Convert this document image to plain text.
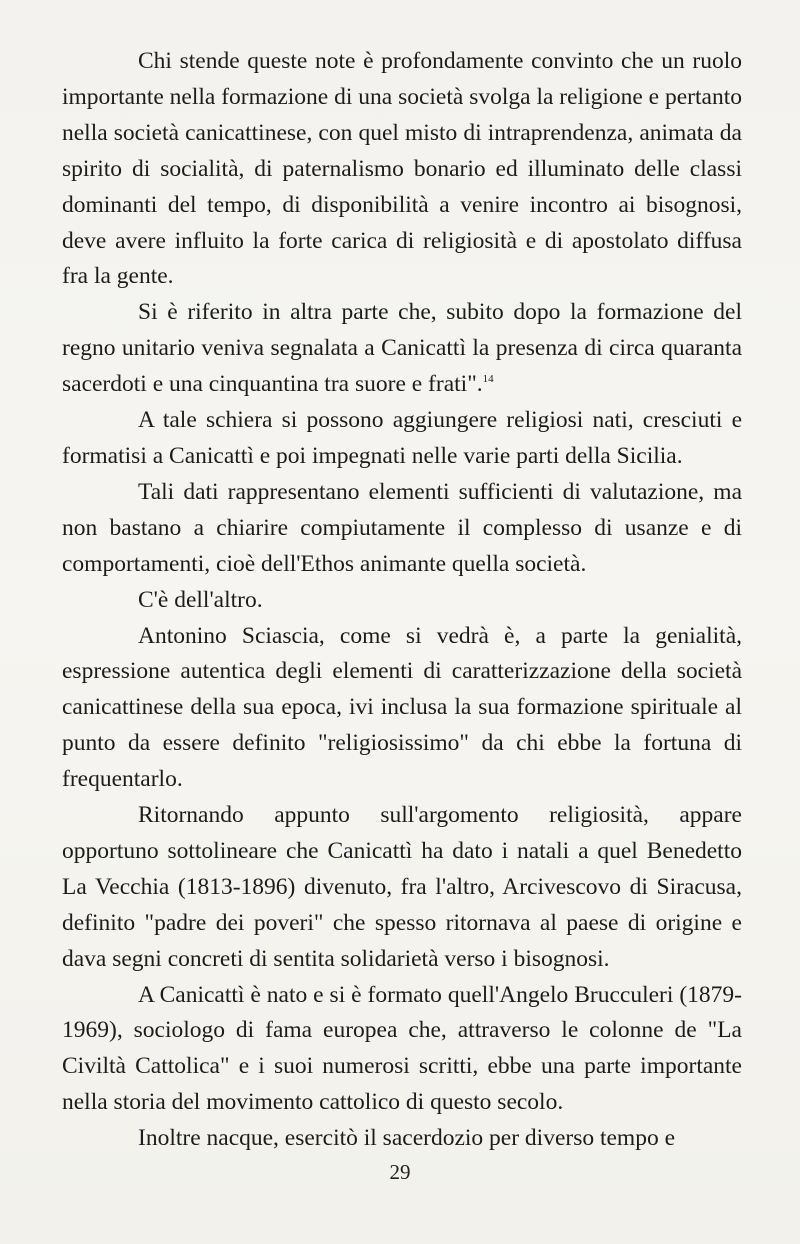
Chi stende queste note è profondamente convinto che un ruolo importante nella formazione di una società svolga la religione e pertanto nella società canicattinese, con quel misto di intraprendenza, animata da spirito di socialità, di paternalismo bonario ed illuminato delle classi dominanti del tempo, di disponibilità a venire incontro ai bisognosi, deve avere influito la forte carica di religiosità e di apostolato diffusa fra la gente.

Si è riferito in altra parte che, subito dopo la formazione del regno unitario veniva segnalata a Canicattì la presenza di circa quaranta sacerdoti e una cinquantina tra suore e frati".$^{14}$

A tale schiera si possono aggiungere religiosi nati, cresciuti e formatisi a Canicattì e poi impegnati nelle varie parti della Sicilia.

Tali dati rappresentano elementi sufficienti di valutazione, ma non bastano a chiarire compiutamente il complesso di usanze e di comportamenti, cioè dell'Ethos animante quella società.

C'è dell'altro.

Antonino Sciascia, come si vedrà è, a parte la genialità, espressione autentica degli elementi di caratterizzazione della società canicattinese della sua epoca, ivi inclusa la sua formazione spirituale al punto da essere definito "religiosissimo" da chi ebbe la fortuna di frequentarlo.

Ritornando appunto sull'argomento religiosità, appare opportuno sottolineare che Canicattì ha dato i natali a quel Benedetto La Vecchia (1813-1896) divenuto, fra l'altro, Arcivescovo di Siracusa, definito "padre dei poveri" che spesso ritornava al paese di origine e dava segni concreti di sentita solidarietà verso i bisognosi.

A Canicattì è nato e si è formato quell'Angelo Brucculeri (1879-1969), sociologo di fama europea che, attraverso le colonne de "La Civiltà Cattolica" e i suoi numerosi scritti, ebbe una parte importante nella storia del movimento cattolico di questo secolo.

Inoltre nacque, esercitò il sacerdozio per diverso tempo e

29
